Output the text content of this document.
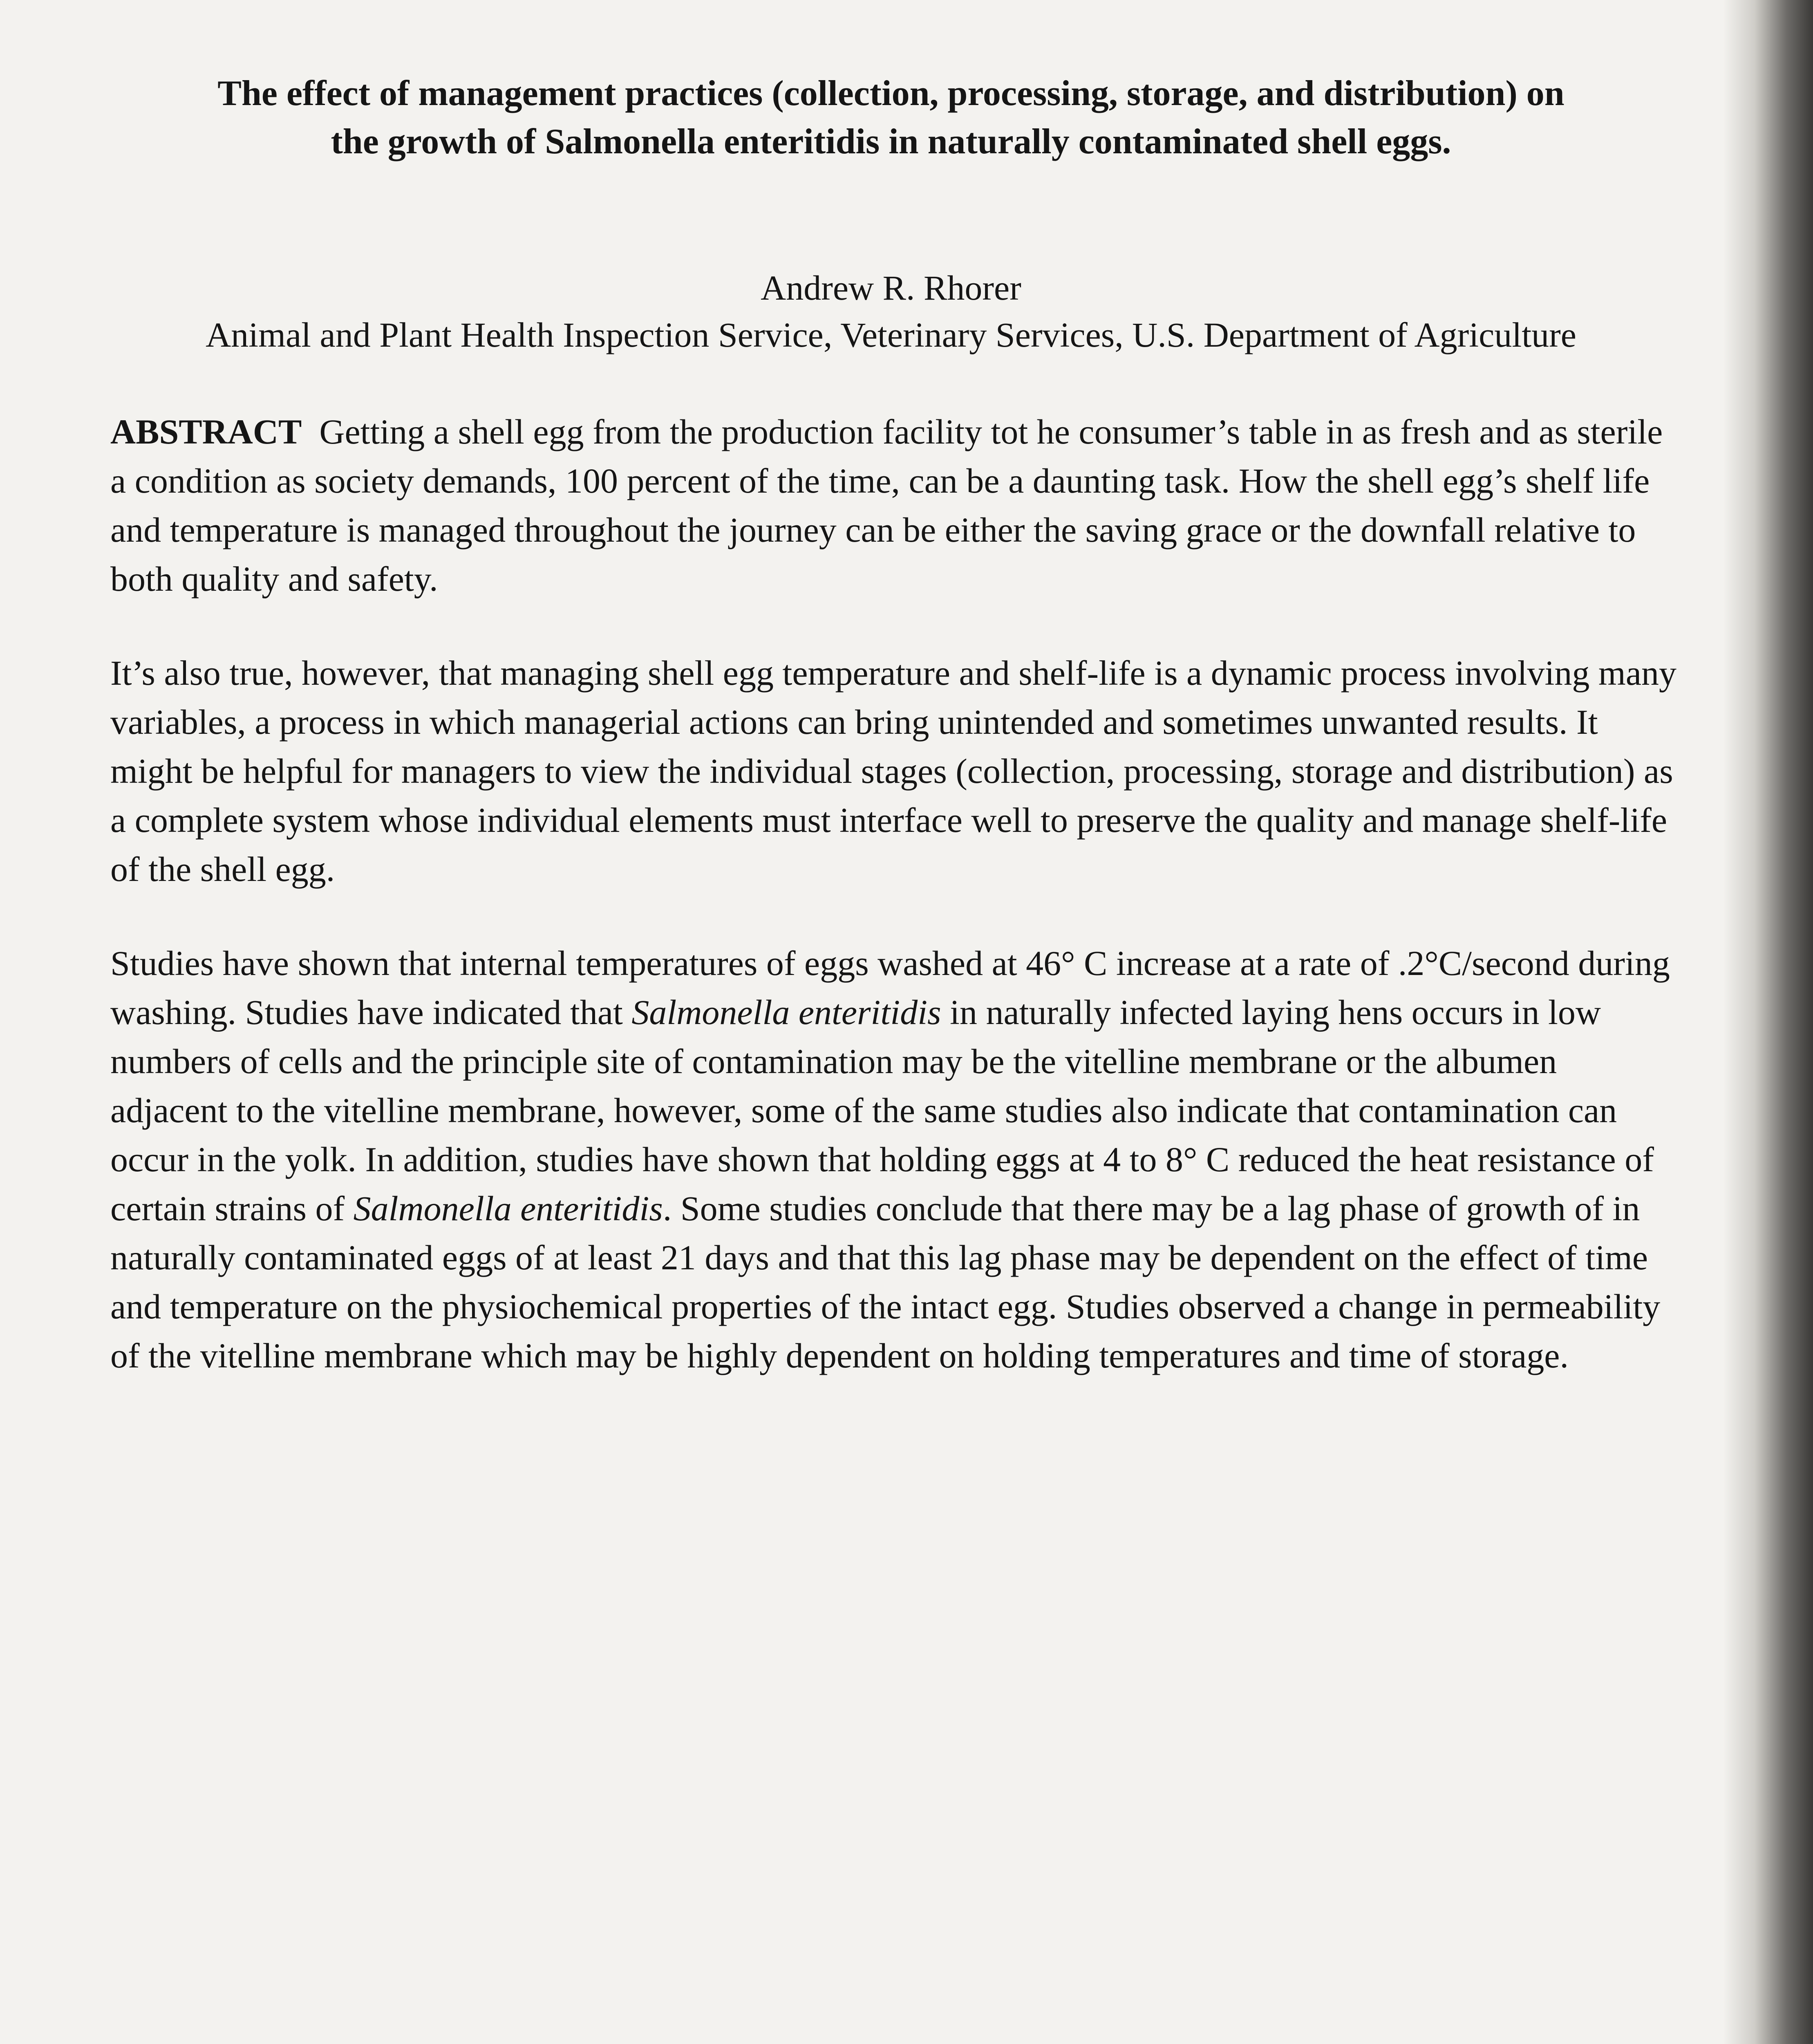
The effect of management practices (collection, processing, storage, and distribution) on
the growth of Salmonella enteritidis in naturally contaminated shell eggs.

Andrew R. Rhorer

Animal and Plant Health Inspection Service, Veterinary Services, U.S. Department of Agriculture

ABSTRACT Getting a shell egg from the production facility tot he consumer’s table in as fresh and as sterile a condition as society demands, 100 percent of the time, can be a daunting task. How the shell egg’s shelf life and temperature is managed throughout the journey can be either the saving grace or the downfall relative to both quality and safety.

It’s also true, however, that managing shell egg temperature and shelf-life is a dynamic process involving many variables, a process in which managerial actions can bring unintended and sometimes unwanted results. It might be helpful for managers to view the individual stages (collection, processing, storage and distribution) as a complete system whose individual elements must interface well to preserve the quality and manage shelf-life of the shell egg.

Studies have shown that internal temperatures of eggs washed at 46° C increase at a rate of .2°C/second during washing. Studies have indicated that Salmonella enteritidis in naturally infected laying hens occurs in low numbers of cells and the principle site of contamination may be the vitelline membrane or the albumen adjacent to the vitelline membrane, however, some of the same studies also indicate that contamination can occur in the yolk. In addition, studies have shown that holding eggs at 4 to 8° C reduced the heat resistance of certain strains of Salmonella enteritidis. Some studies conclude that there may be a lag phase of growth of in naturally contaminated eggs of at least 21 days and that this lag phase may be dependent on the effect of time and temperature on the physiochemical properties of the intact egg. Studies observed a change in permeability of the vitelline membrane which may be highly dependent on holding temperatures and time of storage.
